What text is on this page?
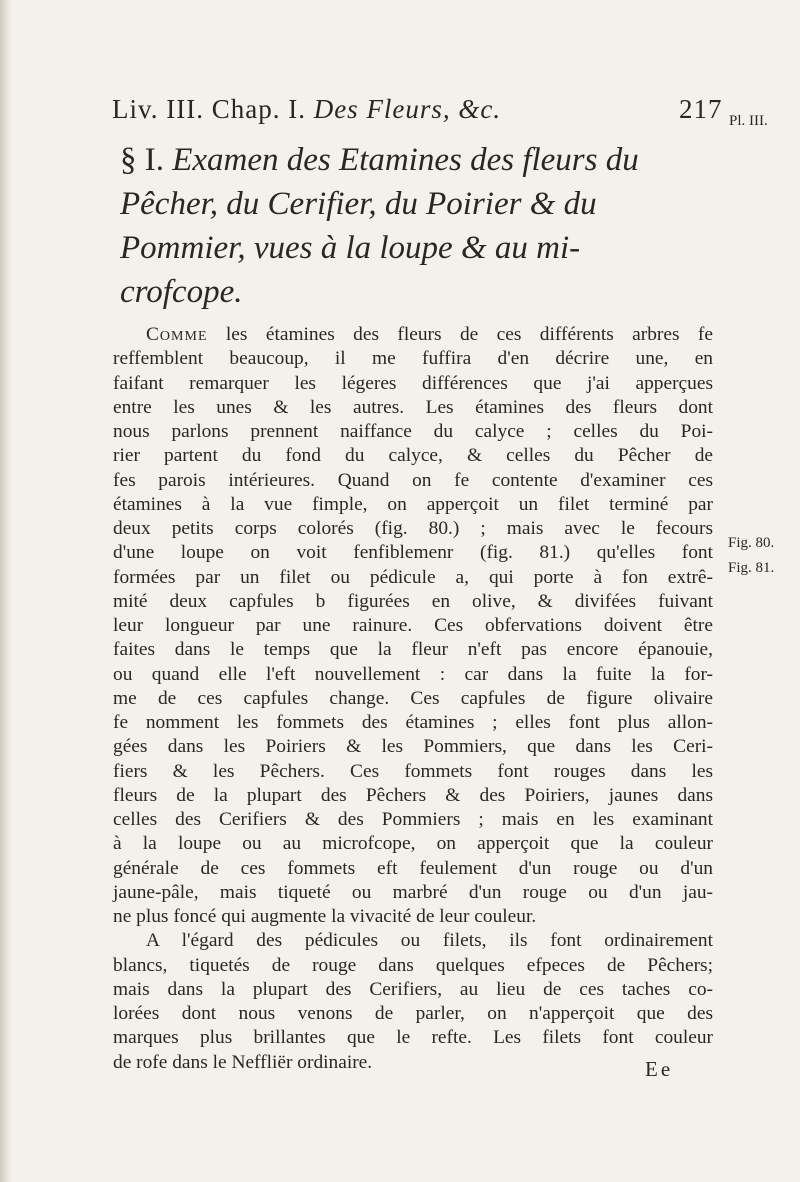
Liv. III. Chap. I. Des Fleurs, &c.	217 Pl. III.
Fig. 80.
Fig. 81.
§ I. Examen des Etamines des fleurs du
Pêcher, du Cerifier, du Poirier & du
Pommier, vues à la loupe & au mi-
crofcope.
Comme les étamines des fleurs de ces différents arbres fe
reffemblent beaucoup, il me fuffira d'en décrire une, en
faifant remarquer les légeres différences que j'ai apperçues
entre les unes & les autres. Les étamines des fleurs dont
nous parlons prennent naiffance du calyce ; celles du Poi-
rier partent du fond du calyce, & celles du Pêcher de
fes parois intérieures. Quand on fe contente d'examiner ces
étamines à la vue fimple, on apperçoit un filet terminé par
deux petits corps colorés (fig. 80.) ; mais avec le fecours
d'une loupe on voit fenfiblemenr (fig. 81.) qu'elles font
formées par un filet ou pédicule a, qui porte à fon extrê-
mité deux capfules b figurées en olive, & divifées fuivant
leur longueur par une rainure. Ces obfervations doivent être
faites dans le temps que la fleur n'eft pas encore épanouie,
ou quand elle l'eft nouvellement : car dans la fuite la for-
me de ces capfules change. Ces capfules de figure olivaire
fe nomment les fommets des étamines ; elles font plus allon-
gées dans les Poiriers & les Pommiers, que dans les Ceri-
fiers & les Pêchers. Ces fommets font rouges dans les
fleurs de la plupart des Pêchers & des Poiriers, jaunes dans
celles des Cerifiers & des Pommiers ; mais en les examinant
à la loupe ou au microfcope, on apperçoit que la couleur
générale de ces fommets eft feulement d'un rouge ou d'un
jaune-pâle, mais tiqueté ou marbré d'un rouge ou d'un jau-
ne plus foncé qui augmente la vivacité de leur couleur.
A l'égard des pédicules ou filets, ils font ordinairement
blancs, tiquetés de rouge dans quelques efpeces de Pêchers;
mais dans la plupart des Cerifiers, au lieu de ces taches co-
lorées dont nous venons de parler, on n'apperçoit que des
marques plus brillantes que le refte. Les filets font couleur
de rofe dans le Neffliër ordinaire.	Ee
